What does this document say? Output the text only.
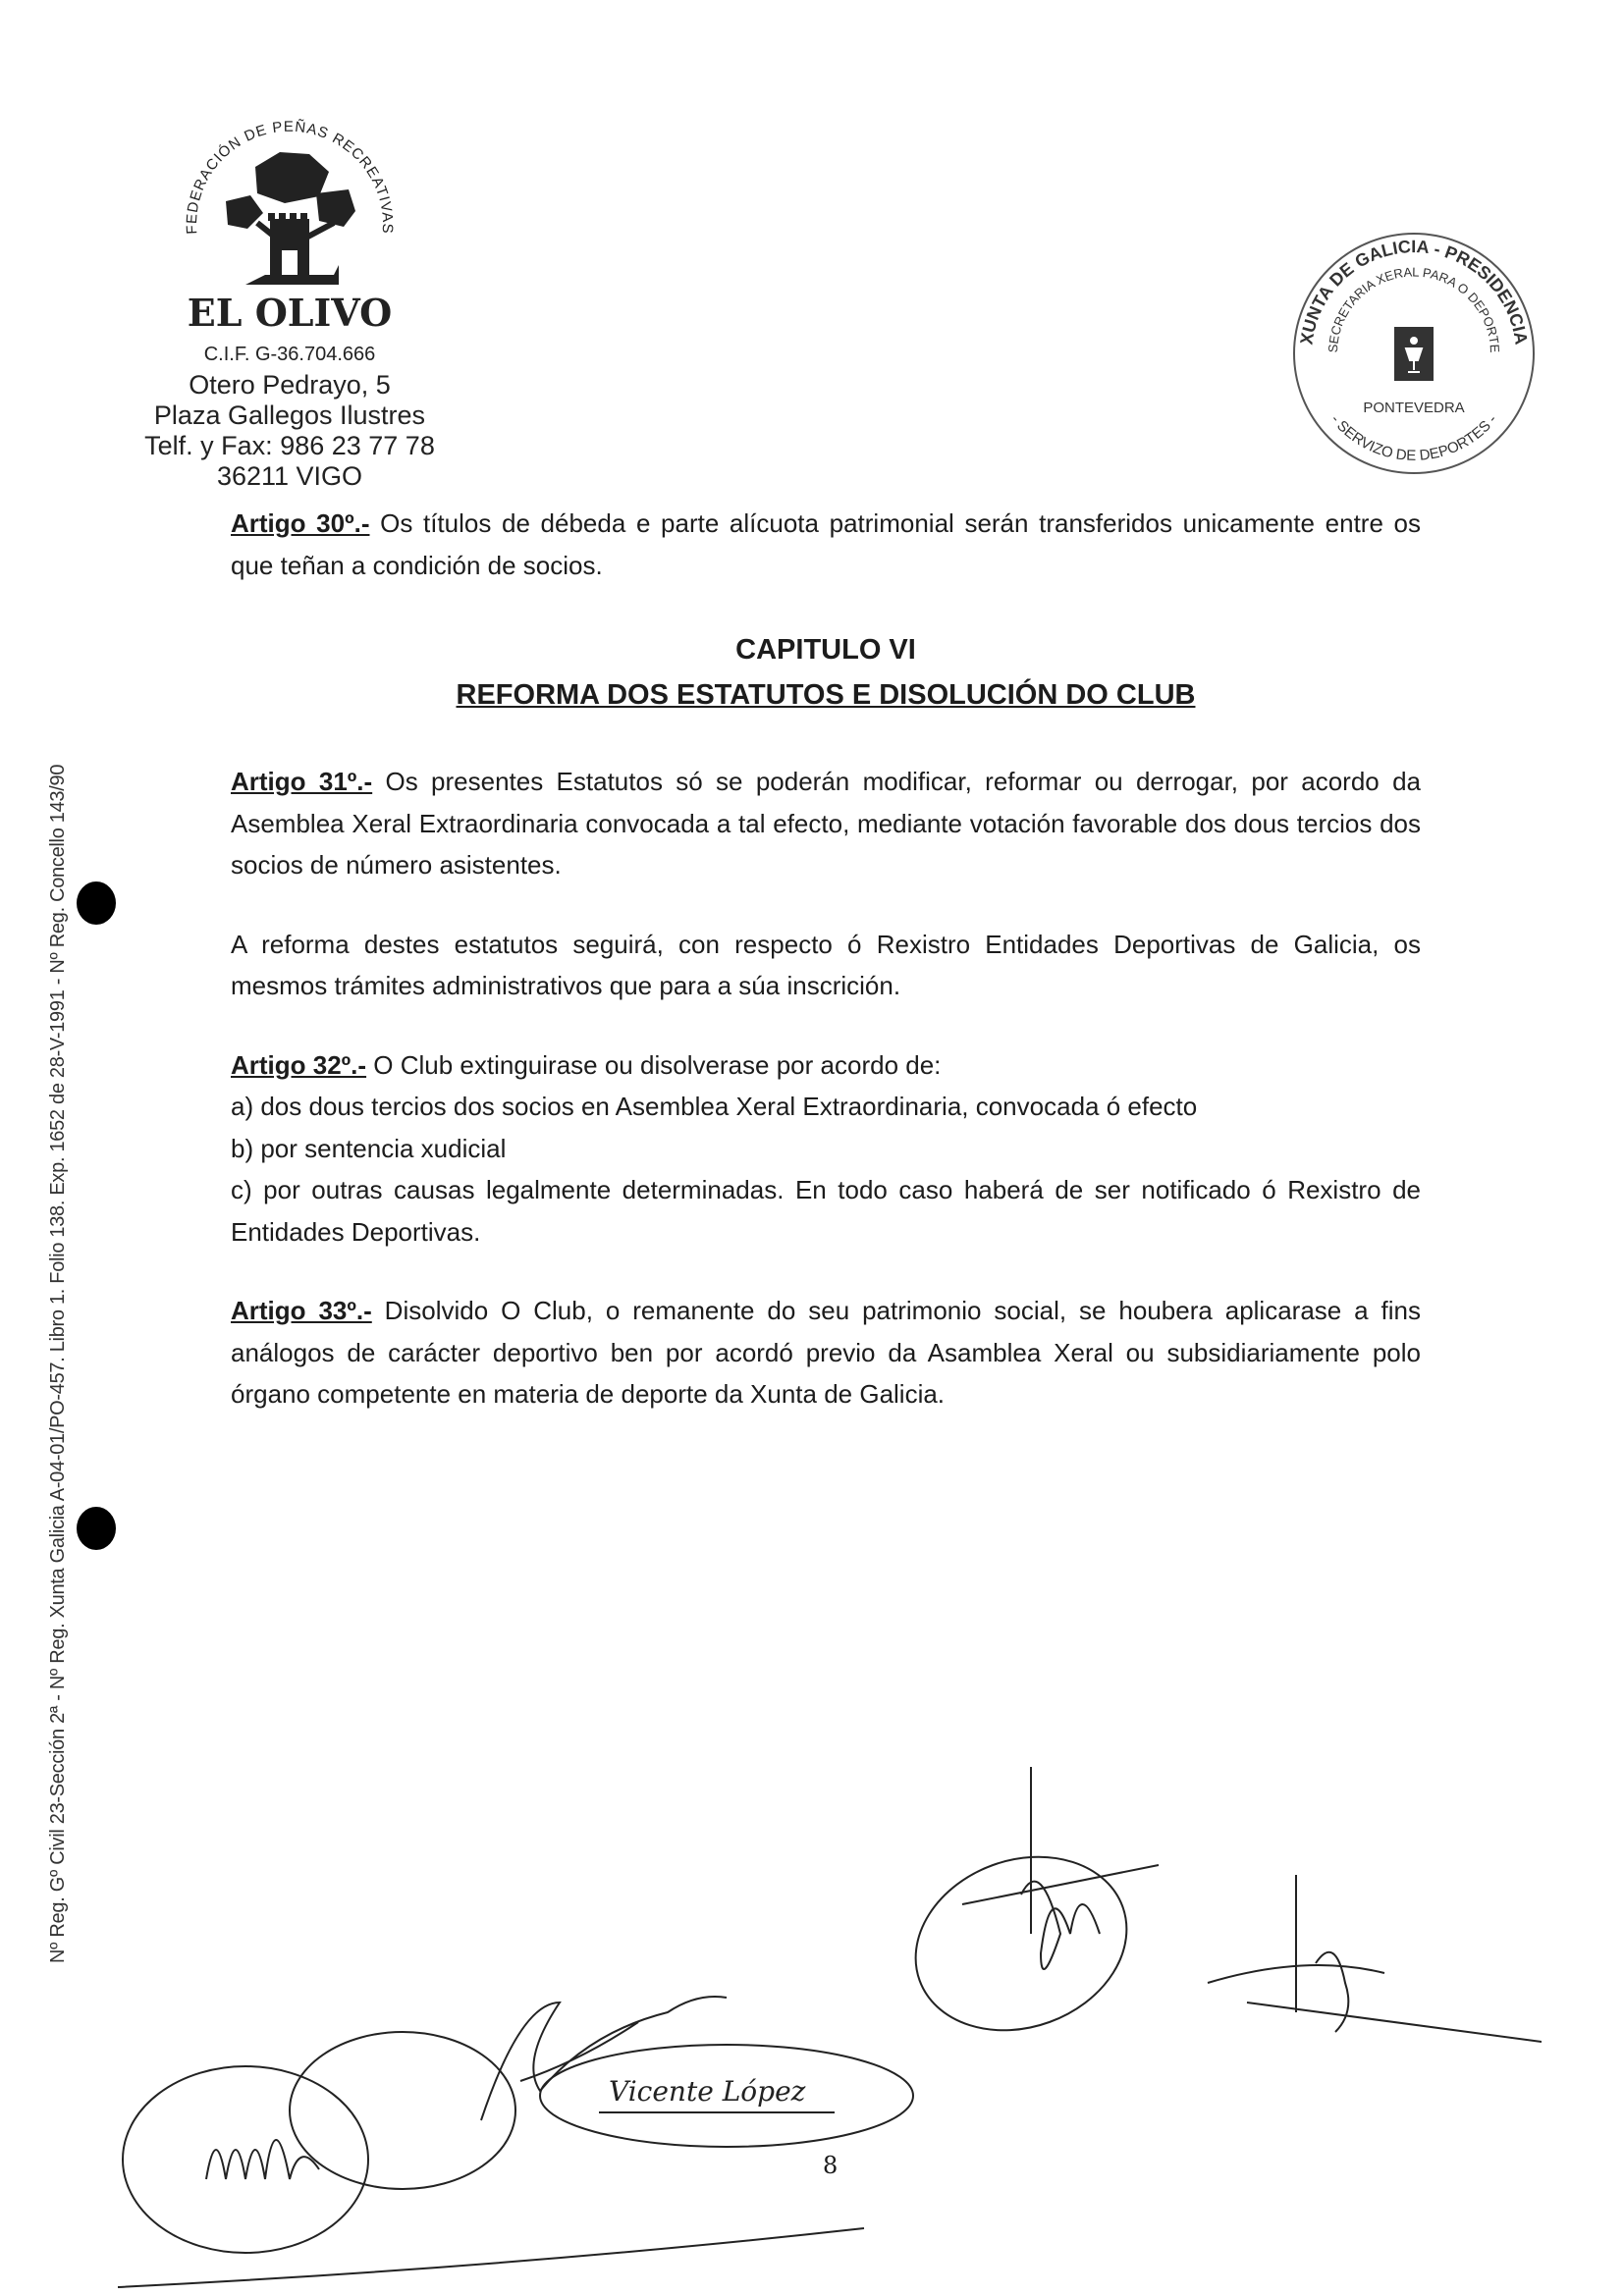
FEDERACIÓN DE PEÑAS RECREATIVAS
EL OLIVO
C.I.F. G-36.704.666
Otero Pedrayo, 5
Plaza Gallegos Ilustres
Telf. y Fax: 986 23 77 78
36211 VIGO
XUNTA DE GALICIA - PRESIDENCIA
SECRETARIA XERAL PARA O DEPORTE
PONTEVEDRA
- SERVIZO DE DEPORTES -
Nº Reg. Gº Civil 23-Sección 2ª - Nº Reg. Xunta Galicia A-04-01/PO-457. Libro 1. Folio 138. Exp. 1652 de 28-V-1991 - Nº Reg. Concello 143/90

Artigo 30º.- Os títulos de débeda e parte alícuota patrimonial serán transferidos unicamente entre os que teñan a condición de socios.

CAPITULO VI
REFORMA DOS ESTATUTOS E DISOLUCIÓN DO CLUB

Artigo 31º.- Os presentes Estatutos só se poderán modificar, reformar ou derrogar, por acordo da Asemblea Xeral Extraordinaria convocada a tal efecto, mediante votación favorable dos dous tercios dos socios de número asistentes.

A reforma destes estatutos seguirá, con respecto ó Rexistro Entidades Deportivas de Galicia, os mesmos trámites administrativos que para a súa inscrición.

Artigo 32º.- O Club extinguirase ou disolverase por acordo de:

a) dos dous tercios dos socios en Asemblea Xeral Extraordinaria, convocada ó efecto

b) por sentencia xudicial

c) por outras causas legalmente determinadas. En todo caso haberá de ser notificado ó Rexistro de Entidades Deportivas.

Artigo 33º.- Disolvido O Club, o remanente do seu patrimonio social, se houbera aplicarase a fins análogos de carácter deportivo ben por acordó previo da Asamblea Xeral ou subsidiariamente polo órgano competente en materia de deporte da Xunta de Galicia.

Vicente López
8
